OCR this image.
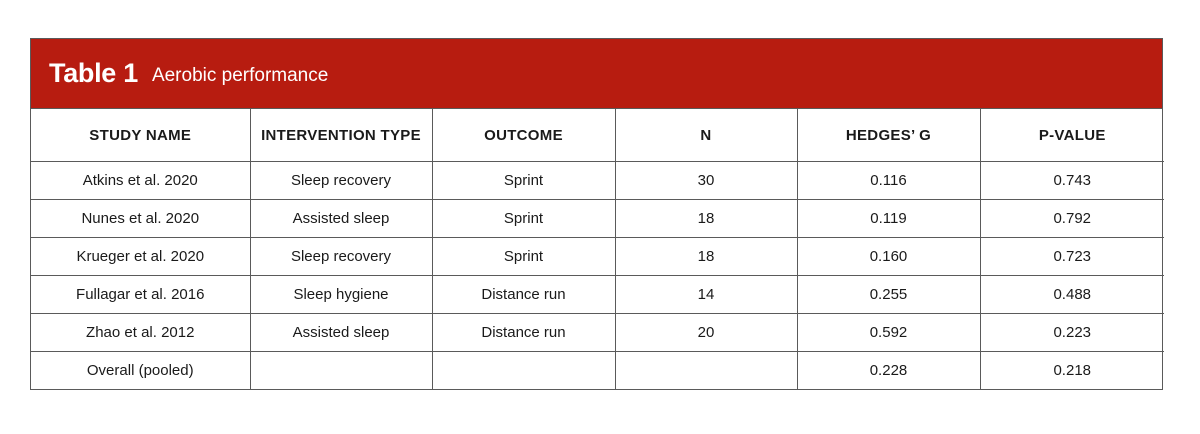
Table 1 Aerobic performance
STUDY NAME	INTERVENTION TYPE	OUTCOME	N	HEDGES’ G	P-VALUE
Atkins et al. 2020	Sleep recovery	Sprint	30	0.116	0.743
Nunes et al. 2020	Assisted sleep	Sprint	18	0.119	0.792
Krueger et al. 2020	Sleep recovery	Sprint	18	0.160	0.723
Fullagar et al. 2016	Sleep hygiene	Distance run	14	0.255	0.488
Zhao et al. 2012	Assisted sleep	Distance run	20	0.592	0.223
Overall (pooled)				0.228	0.218
